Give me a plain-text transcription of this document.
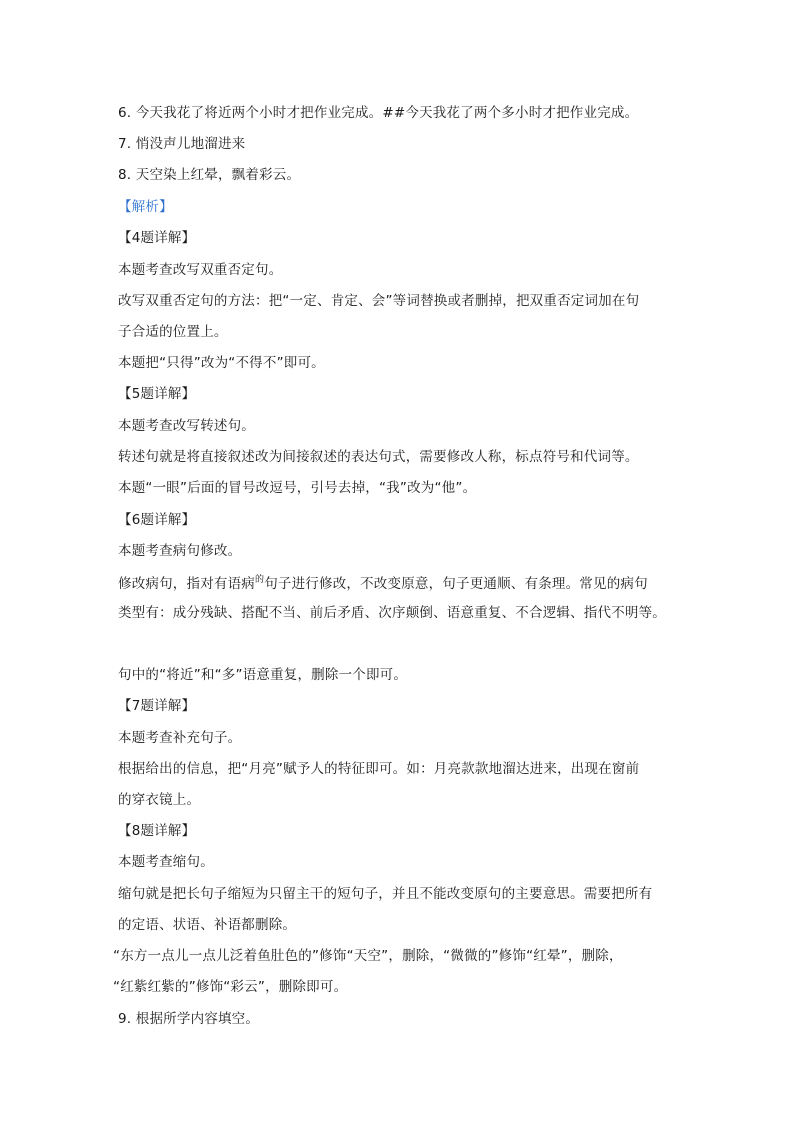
6. 今天我花了将近两个小时才把作业完成。##今天我花了两个多小时才把作业完成。
7. 悄没声儿地溜进来
8. 天空染上红晕，飘着彩云。
【解析】
【4题详解】
本题考查改写双重否定句。
改写双重否定句的方法：把“一定、肯定、会”等词替换或者删掉，把双重否定词加在句
子合适的位置上。
本题把“只得”改为“不得不”即可。
【5题详解】
本题考查改写转述句。
转述句就是将直接叙述改为间接叙述的表达句式，需要修改人称，标点符号和代词等。
本题“一眼”后面的冒号改逗号，引号去掉，“我”改为“他”。
【6题详解】
本题考查病句修改。
修改病句，指对有语病$^的$句子进行修改，不改变原意，句子更通顺、有条理。常见的病句
类型有：成分残缺、搭配不当、前后矛盾、次序颠倒、语意重复、不合逻辑、指代不明等。
句中的“将近”和“多”语意重复，删除一个即可。
【7题详解】
本题考查补充句子。
根据给出的信息，把“月亮”赋予人的特征即可。如：月亮款款地溜达进来，出现在窗前
的穿衣镜上。
【8题详解】
本题考查缩句。
缩句就是把长句子缩短为只留主干的短句子，并且不能改变原句的主要意思。需要把所有
的定语、状语、补语都删除。
“东方一点儿一点儿泛着鱼肚色的”修饰“天空”，删除，“微微的”修饰“红晕”，删除，
“红紫红紫的”修饰“彩云”，删除即可。
9. 根据所学内容填空。
